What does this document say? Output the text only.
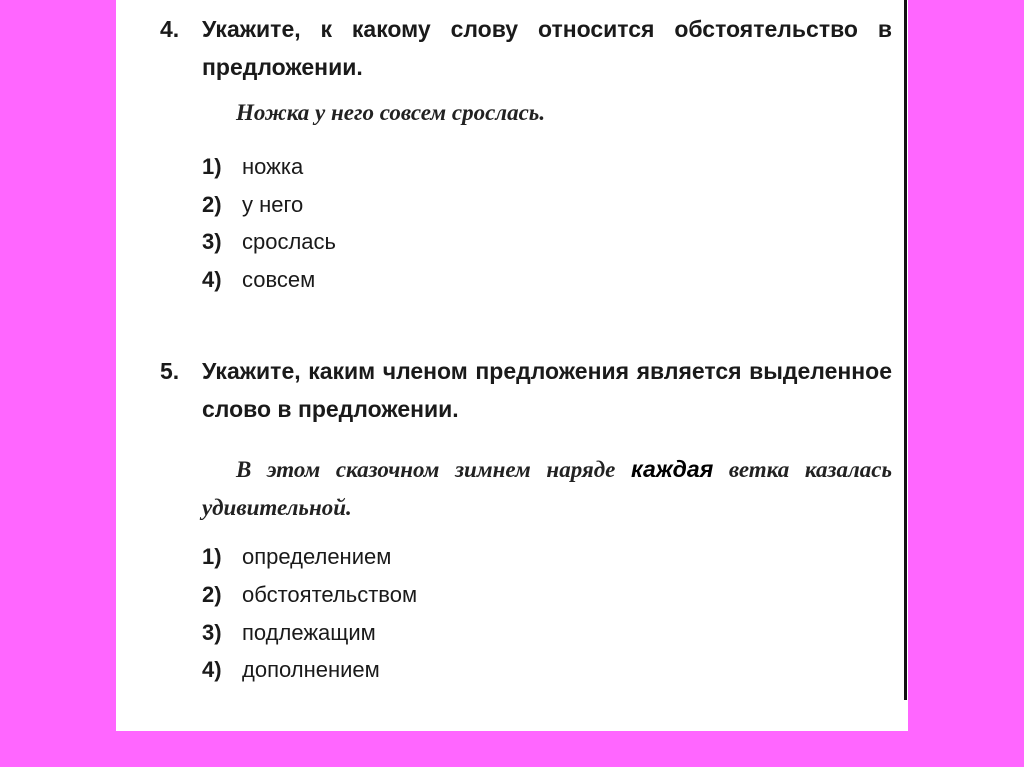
4. Укажите, к какому слову относится обстоятельство в предложении.
Ножка у него совсем срослась.
1) ножка
2) у него
3) срослась
4) совсем
5. Укажите, каким членом предложения является выделенное слово в предложении.
В этом сказочном зимнем наряде каждая ветка казалась удивительной.
1) определением
2) обстоятельством
3) подлежащим
4) дополнением
